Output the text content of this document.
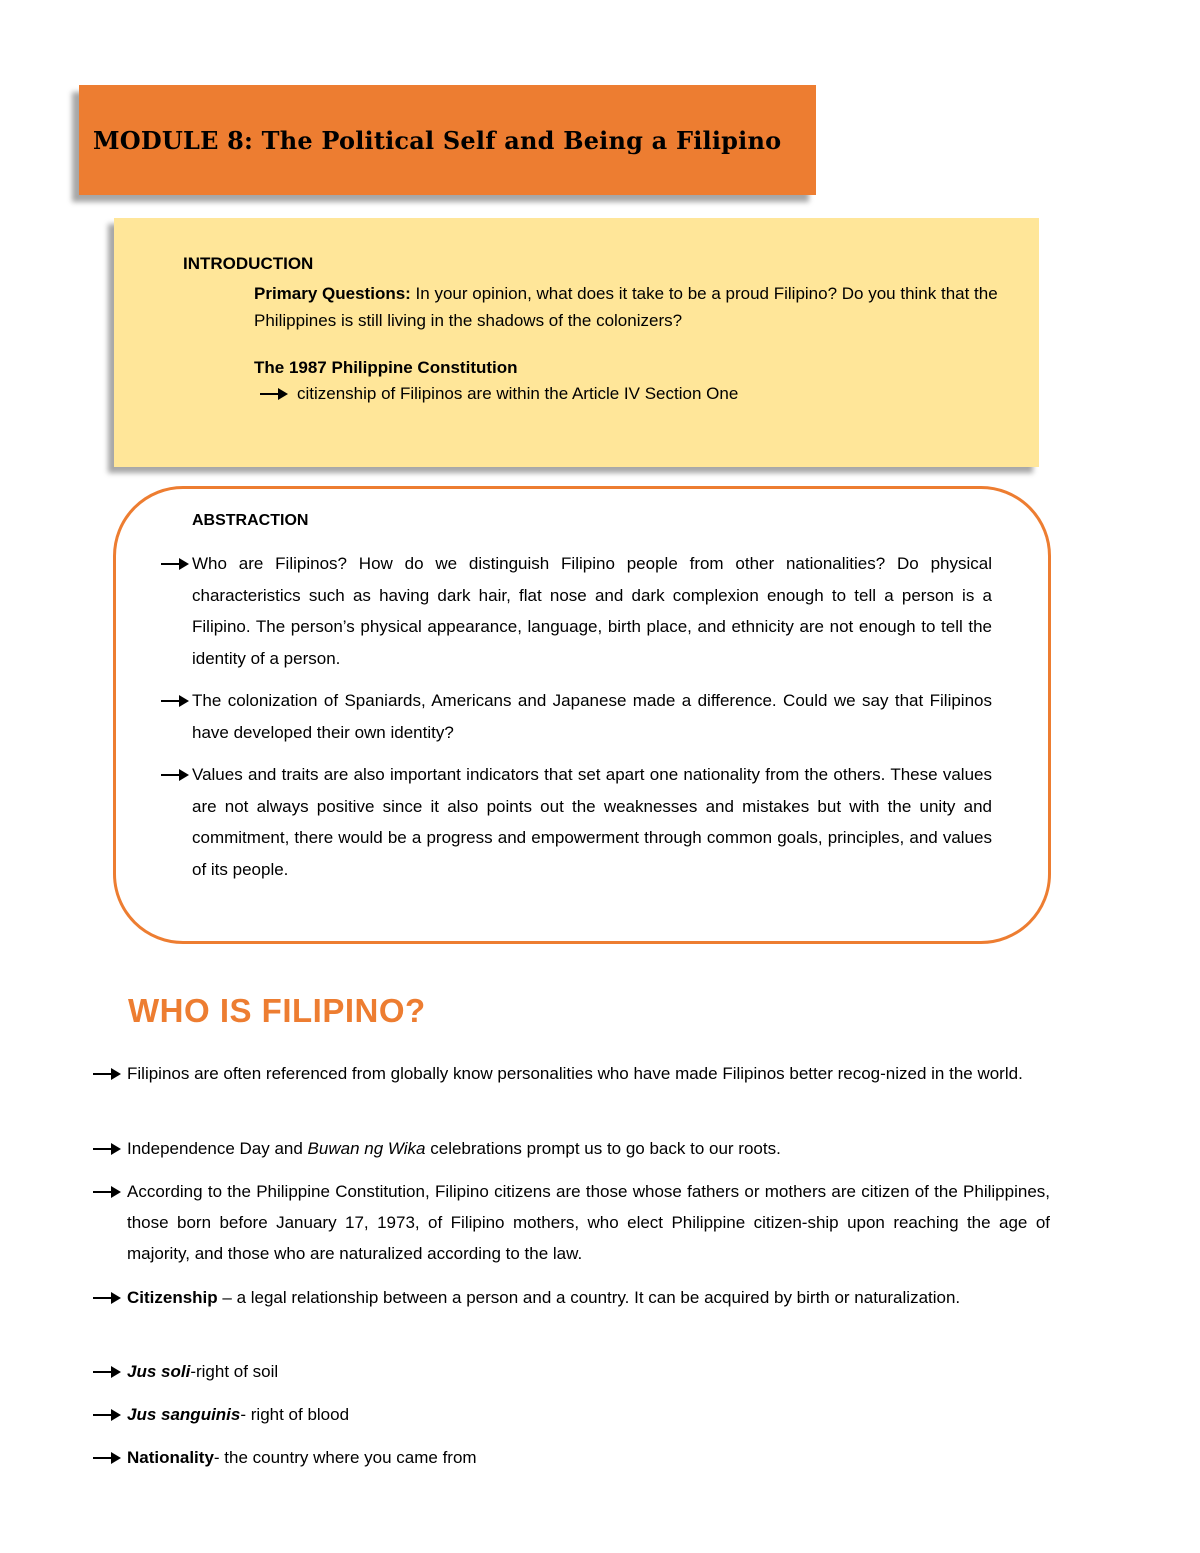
MODULE 8: The Political Self and Being a Filipino
INTRODUCTION
Primary Questions: In your opinion, what does it take to be a proud Filipino? Do you think that the Philippines is still living in the shadows of the colonizers?
The 1987 Philippine Constitution
citizenship of Filipinos are within the Article IV Section One
ABSTRACTION

Who are Filipinos? How do we distinguish Filipino people from other nationalities? Do physical characteristics such as having dark hair, flat nose and dark complexion enough to tell a person is a Filipino. The person’s physical appearance, language, birth place, and ethnicity are not enough to tell the identity of a person.

The colonization of Spaniards, Americans and Japanese made a difference. Could we say that Filipinos have developed their own identity?

Values and traits are also important indicators that set apart one nationality from the others. These values are not always positive since it also points out the weaknesses and mistakes but with the unity and commitment, there would be a progress and empowerment through common goals, principles, and values of its people.

WHO IS FILIPINO?

Filipinos are often referenced from globally know personalities who have made Filipinos better recog-nized in the world.

Independence Day and Buwan ng Wika celebrations prompt us to go back to our roots.

According to the Philippine Constitution, Filipino citizens are those whose fathers or mothers are citizen of the Philippines, those born before January 17, 1973, of Filipino mothers, who elect Philippine citizen-ship upon reaching the age of majority, and those who are naturalized according to the law.

Citizenship – a legal relationship between a person and a country. It can be acquired by birth or naturalization.

Jus soli-right of soil

Jus sanguinis- right of blood

Nationality- the country where you came from
